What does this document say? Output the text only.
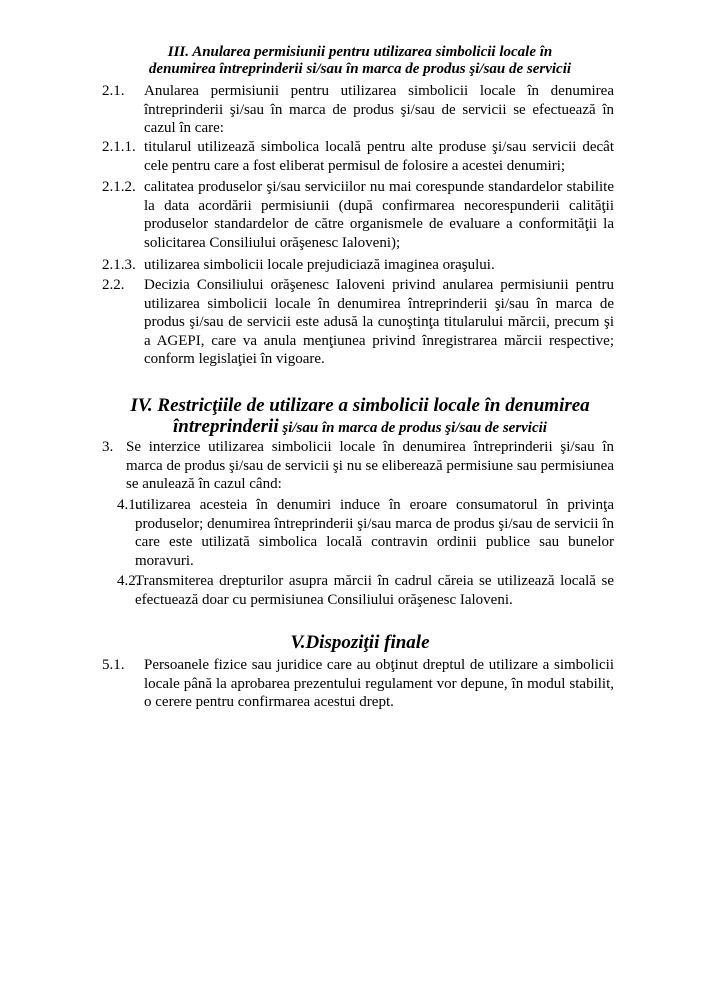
III. Anularea permisiunii pentru utilizarea simbolicii locale în
denumirea întreprinderii si/sau în marca de produs şi/sau de servicii
2.1. Anularea permisiunii pentru utilizarea simbolicii locale în denumirea întreprinderii şi/sau în marca de produs şi/sau de servicii se efectuează în cazul în care:
2.1.1. titularul utilizează simbolica locală pentru alte produse şi/sau servicii decât cele pentru care a fost eliberat permisul de folosire a acestei denumiri;
2.1.2. calitatea produselor şi/sau serviciilor nu mai corespunde standardelor stabilite la data acordării permisiunii (după confirmarea necorespunderii calităţii produselor standardelor de către organismele de evaluare a conformităţii la solicitarea Consiliului orăşenesc Ialoveni);
2.1.3. utilizarea simbolicii locale prejudiciază imaginea oraşului.
2.2. Decizia Consiliului orăşenesc Ialoveni privind anularea permisiunii pentru utilizarea simbolicii locale în denumirea întreprinderii şi/sau în marca de produs şi/sau de servicii este adusă la cunoştinţa titularului mărcii, precum şi a AGEPI, care va anula menţiunea privind înregistrarea mărcii respective; conform legislaţiei în vigoare.
IV. Restricţiile de utilizare a simbolicii locale în denumirea
întreprinderii şi/sau în marca de produs şi/sau de servicii
3. Se interzice utilizarea simbolicii locale în denumirea întreprinderii şi/sau în marca de produs şi/sau de servicii şi nu se eliberează permisiune sau permisiunea se anulează în cazul când:
4.1.
utilizarea acesteia în denumiri induce în eroare consumatorul în privinţa produselor; denumirea întreprinderii şi/sau marca de produs şi/sau de servicii în care este utilizată simbolica locală contravin ordinii publice sau bunelor moravuri.
4.2.
Transmiterea drepturilor asupra mărcii în cadrul căreia se utilizează locală se efectuează doar cu permisiunea Consiliului orăşenesc Ialoveni.
V.Dispoziţii finale
5.1. Persoanele fizice sau juridice care au obţinut dreptul de utilizare a simbolicii locale până la aprobarea prezentului regulament vor depune, în modul stabilit, o cerere pentru confirmarea acestui drept.
